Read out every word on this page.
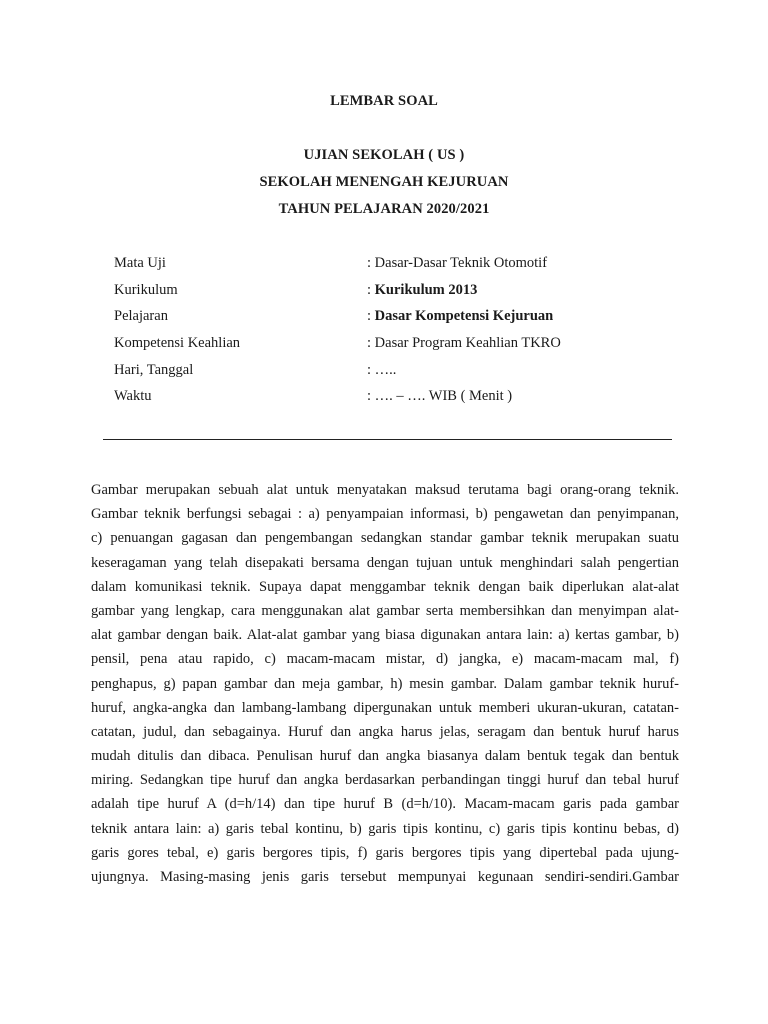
LEMBAR SOAL
UJIAN SEKOLAH ( US )
SEKOLAH MENENGAH KEJURUAN
TAHUN PELAJARAN 2020/2021
Mata Uji	: Dasar-Dasar Teknik Otomotif
Kurikulum	: Kurikulum 2013
Pelajaran	: Dasar Kompetensi Kejuruan
Kompetensi Keahlian	: Dasar Program Keahlian TKRO
Hari, Tanggal	: …..
Waktu	: …. – …. WIB ( Menit )
Gambar merupakan sebuah alat untuk menyatakan maksud terutama bagi orang-orang teknik.
Gambar teknik berfungsi sebagai : a) penyampaian informasi, b) pengawetan dan penyimpanan,
c) penuangan gagasan dan pengembangan sedangkan standar gambar teknik merupakan suatu
keseragaman yang telah disepakati bersama dengan tujuan untuk menghindari salah pengertian
dalam komunikasi teknik. Supaya dapat menggambar teknik dengan baik diperlukan alat-alat
gambar yang lengkap, cara menggunakan alat gambar serta membersihkan dan menyimpan alat-
alat gambar dengan baik. Alat-alat gambar yang biasa digunakan antara lain: a) kertas gambar, b)
pensil, pena atau rapido, c) macam-macam mistar, d) jangka, e) macam-macam mal, f)
penghapus, g) papan gambar dan meja gambar, h) mesin gambar. Dalam gambar teknik huruf-
huruf, angka-angka dan lambang-lambang dipergunakan untuk memberi ukuran-ukuran, catatan-
catatan, judul, dan sebagainya. Huruf dan angka harus jelas, seragam dan bentuk huruf harus
mudah ditulis dan dibaca. Penulisan huruf dan angka biasanya dalam bentuk tegak dan bentuk
miring. Sedangkan tipe huruf dan angka berdasarkan perbandingan tinggi huruf dan tebal huruf
adalah tipe huruf A (d=h/14) dan tipe huruf B (d=h/10). Macam-macam garis pada gambar
teknik antara lain: a) garis tebal kontinu, b) garis tipis kontinu, c) garis tipis kontinu bebas, d)
garis gores tebal, e) garis bergores tipis, f) garis bergores tipis yang dipertebal pada ujung-
ujungnya. Masing-masing jenis garis tersebut mempunyai kegunaan sendiri-sendiri.Gambar
